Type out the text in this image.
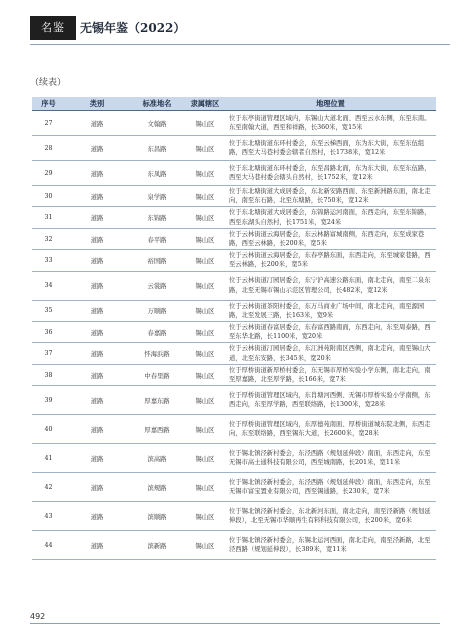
名鉴	无锡年鉴（2022）
（续表）
序号	类别	标准地名	隶属辖区	地理位置
27	道路	文翰路	锡山区	位于东亭街道管理区域内，东锡山大道北面、西至云水东侧，东至东南。东至南翰大道，西至和祥路，长360米，宽15米
28	道路	东昌路	锡山区	位于东北塘街道东环村委会，东至云梯西面，东为东大街，东至东伍组路，西至大马巷村委会辖者自然村，长1738米，宽12米
29	道路	东凤路	锡山区	位于东北塘街道东环村委会，东至昌路北面，东为东大街，东至东伍路，西至大马巷村委会辖头自然村，长1752米，宽12米
30	道路	泉学路	锡山区	位于东北塘街道大成居委会，东北新安路西面、东至新洲路东面，南北走向，南至东石路，北至东塘路，长750米，宽12米
31	道路	东锦路	锡山区	位于东北塘街道大成居委会，东锦路运河南面，东西走向，东至东锦路，西至东湖头自然村，长1751米，宽24米
32	道路	春平路	锡山区	位于云林街道云海居委会，东云林路富城南侧，东西走向，东至成家巷路，西至云林路，长200米，宽5米
33	道路	裕国路	锡山区	位于云林街道云海居委会，东春亭路东面，东西走向，东至城家巷路，西至云林路，长200米，宽5米
34	道路	云裳路	锡山区	位于云林街道汀园居委会，东宁沪高速公路东面，南北走向，南至二泉东路，北至无锡市锡山示范区管理公司，长482米，宽12米
35	道路	万顺路	锡山区	位于云林街道茶阳村委会，东万马商业广场中间，南北走向，南至源园路，北至发展三路，长163米，宽9米
36	道路	春嘉路	锡山区	位于云林街道春富居委会，东春富西路南面，东西走向，东至周泰路，西至东华北路，长1100米，宽20米
37	道路	怀海浜路	锡山区	位于云林街道汀园居委会，东江洲苑附南区西侧，南北走向，南至锡山大道，北至东安路，长345米，宽20米
38	道路	中春里路	锡山区	位于厚桥街道新厚桥村委会，东无锡市厚桥实验小学东侧，南北走向，南至厚嘉路，北至厚学路，长166米，宽7米
39	道路	厚嘉东路	锡山区	位于厚桥街道管理区域内，东肖塘河西侧、无锡市厚桥实验小学南侧，东西走向，东至厚学路，西至联络路，长1300米，宽28米
40	道路	厚嘉西路	锡山区	位于厚桥街道管理区域内，东厚德苑南面、厚桥街道城东院北侧，东西走向，东至联络路，西至锡东大道，长2600米，宽28米
41	道路	滨高路	锡山区	位于锡北镇泾新村委会，东泾西路（规划延伸段）南面，东西走向，东至无锡市高士通科技有限公司，西至城南路，长201米，宽11米
42	道路	滨规路	锡山区	位于锡北镇泾新村委会，东泾西路（规划延伸段）南面，东西走向，东至无锡市富宝置业有限公司，西至锡通路，长230米，宽7米
43	道路	滨顺路	锡山区	位于锡北镇泾新村委会，东北新河东面，南北走向，南至泾新路（规划延伸段），北至无锡市华顺再生有料科技有限公司，长200米，宽6米
44	道路	滨新路	锡山区	位于锡北镇泾新村委会，东锡北运河西面，南北走向，南至泾新路，北至泾西路（规划延伸段），长389米，宽11米
492
